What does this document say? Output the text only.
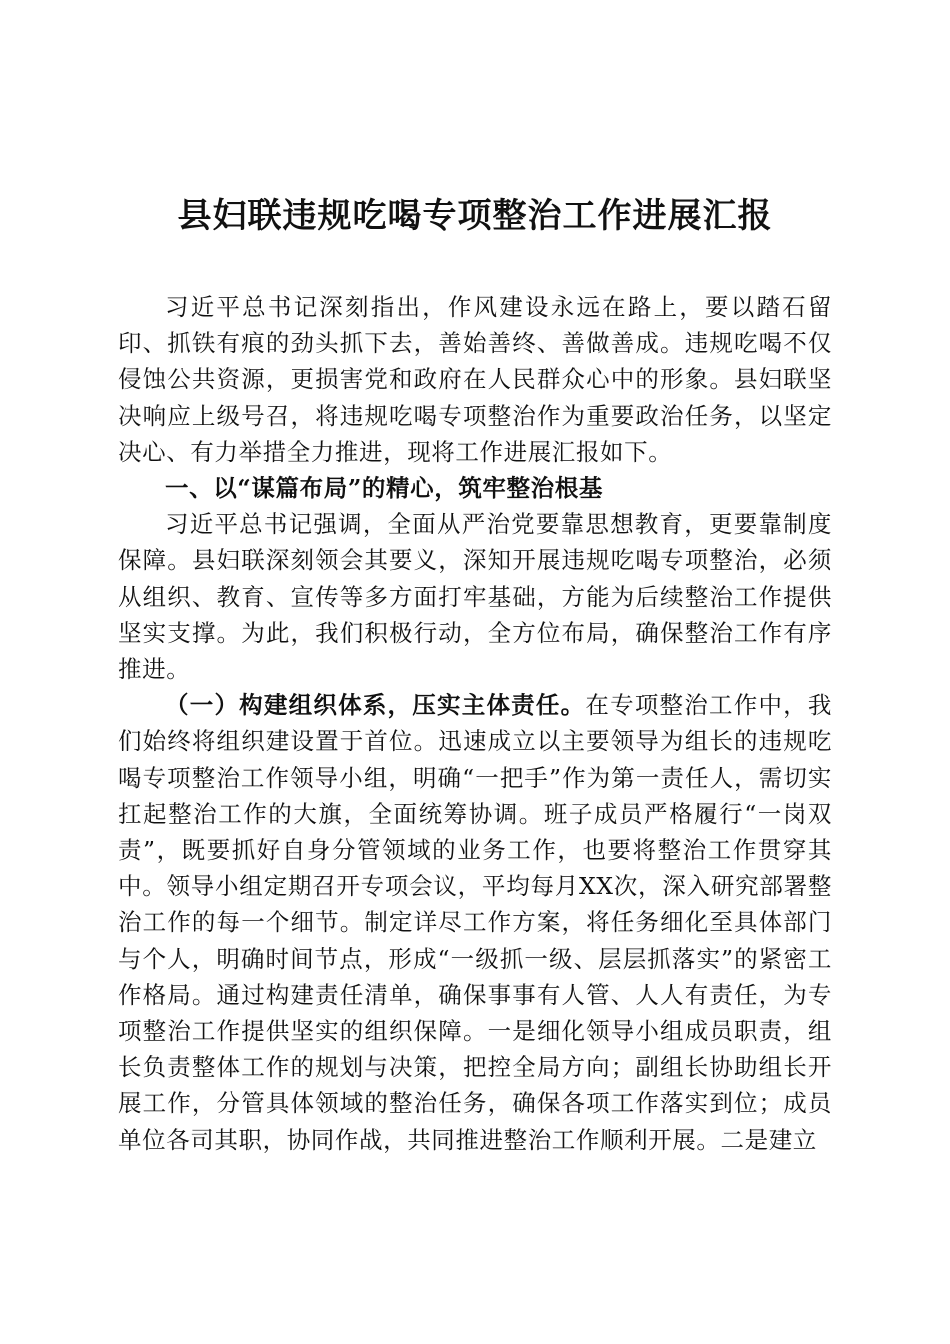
县妇联违规吃喝专项整治工作进展汇报

习近平总书记深刻指出，作风建设永远在路上，要以踏石留印、抓铁有痕的劲头抓下去，善始善终、善做善成。违规吃喝不仅侵蚀公共资源，更损害党和政府在人民群众心中的形象。县妇联坚决响应上级号召，将违规吃喝专项整治作为重要政治任务，以坚定决心、有力举措全力推进，现将工作进展汇报如下。

一、以“谋篇布局”的精心，筑牢整治根基

习近平总书记强调，全面从严治党要靠思想教育，更要靠制度保障。县妇联深刻领会其要义，深知开展违规吃喝专项整治，必须从组织、教育、宣传等多方面打牢基础，方能为后续整治工作提供坚实支撑。为此，我们积极行动，全方位布局，确保整治工作有序推进。

（一）构建组织体系，压实主体责任。在专项整治工作中，我们始终将组织建设置于首位。迅速成立以主要领导为组长的违规吃喝专项整治工作领导小组，明确“一把手”作为第一责任人，需切实扛起整治工作的大旗，全面统筹协调。班子成员严格履行“一岗双责”，既要抓好自身分管领域的业务工作，也要将整治工作贯穿其中。领导小组定期召开专项会议，平均每月XX次，深入研究部署整治工作的每一个细节。制定详尽工作方案，将任务细化至具体部门与个人，明确时间节点，形成“一级抓一级、层层抓落实”的紧密工作格局。通过构建责任清单，确保事事有人管、人人有责任，为专项整治工作提供坚实的组织保障。一是细化领导小组成员职责，组长负责整体工作的规划与决策，把控全局方向；副组长协助组长开展工作，分管具体领域的整治任务，确保各项工作落实到位；成员单位各司其职，协同作战，共同推进整治工作顺利开展。二是建立
